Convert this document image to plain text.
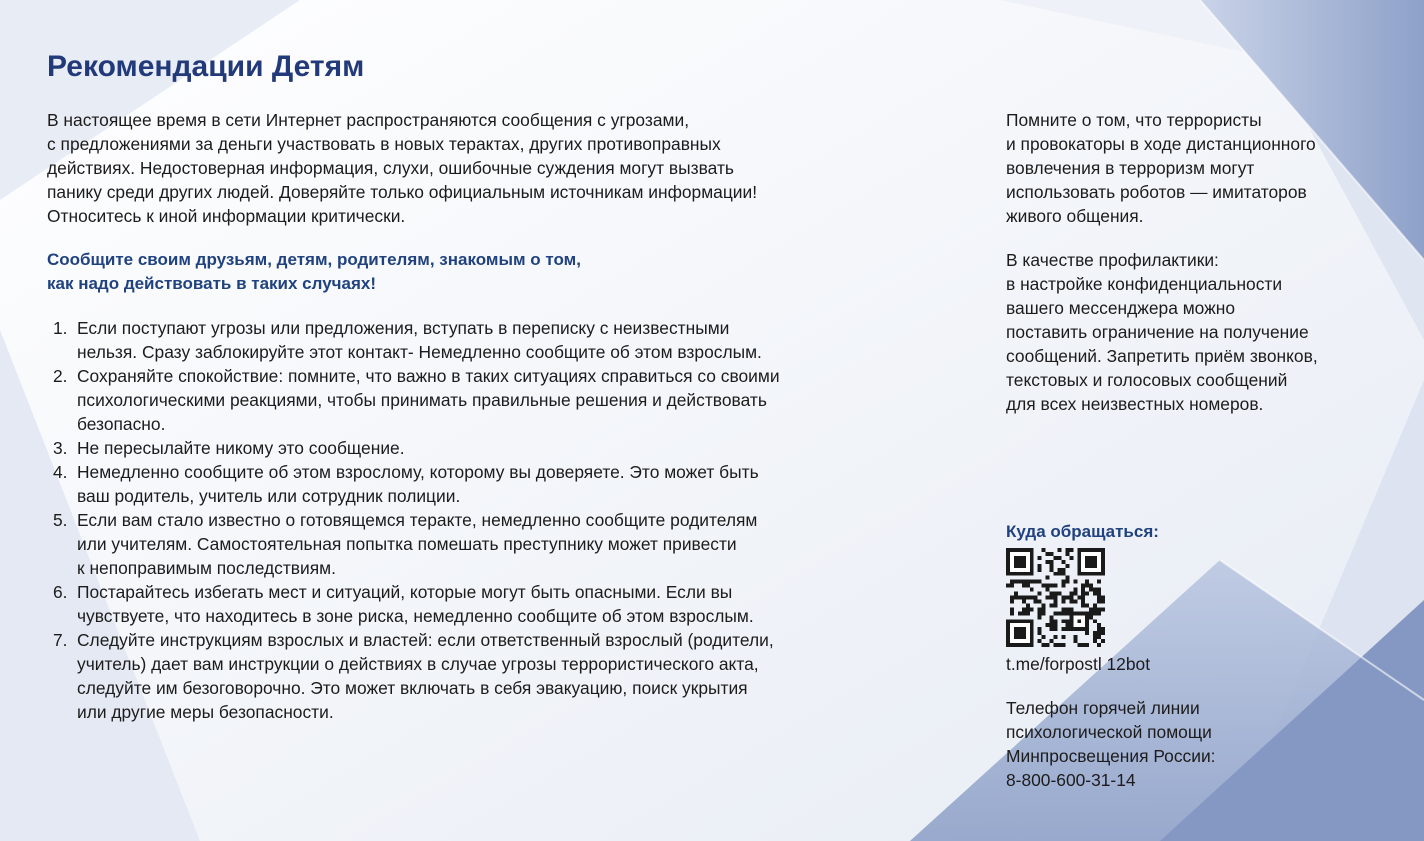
Рекомендации Детям

В настоящее время в сети Интернет распространяются сообщения с угрозами,
с предложениями за деньги участвовать в новых терактах, других противоправных
действиях. Недостоверная информация, слухи, ошибочные суждения могут вызвать
панику среди других людей. Доверяйте только официальным источникам информации!
Относитесь к иной информации критически.

Сообщите своим друзьям, детям, родителям, знакомым о том,
как надо действовать в таких случаях!

1. Если поступают угрозы или предложения, вступать в переписку с неизвестными
нельзя. Сразу заблокируйте этот контакт- Немедленно сообщите об этом взрослым.
2. Сохраняйте спокойствие: помните, что важно в таких ситуациях справиться со своими
психологическими реакциями, чтобы принимать правильные решения и действовать
безопасно.
3. Не пересылайте никому это сообщение.
4. Немедленно сообщите об этом взрослому, которому вы доверяете. Это может быть
ваш родитель, учитель или сотрудник полиции.
5. Если вам стало известно о готовящемся теракте, немедленно сообщите родителям
или учителям. Самостоятельная попытка помешать преступнику может привести
к непоправимым последствиям.
6. Постарайтесь избегать мест и ситуаций, которые могут быть опасными. Если вы
чувствуете, что находитесь в зоне риска, немедленно сообщите об этом взрослым.
7. Следуйте инструкциям взрослых и властей: если ответственный взрослый (родители,
учитель) дает вам инструкции о действиях в случае угрозы террористического акта,
следуйте им безоговорочно. Это может включать в себя эвакуацию, поиск укрытия
или другие меры безопасности.

Помните о том, что террористы
и провокаторы в ходе дистанционного
вовлечения в терроризм могут
использовать роботов — имитаторов
живого общения.

В качестве профилактики:
в настройке конфиденциальности
вашего мессенджера можно
поставить ограничение на получение
сообщений. Запретить приём звонков,
текстовых и голосовых сообщений
для всех неизвестных номеров.

Куда обращаться:

t.me/forpostl 12bot

Телефон горячей линии
психологической помощи
Минпросвещения России:
8-800-600-31-14
